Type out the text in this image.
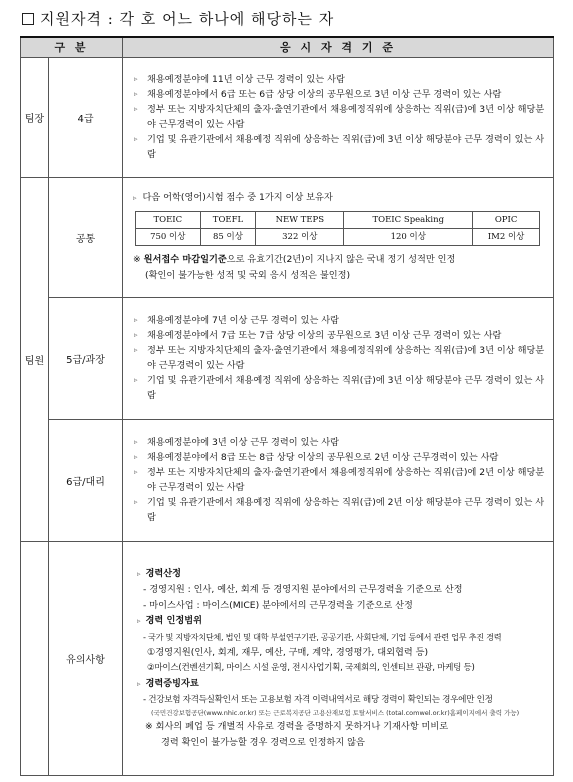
지원자격 : 각 호 어느 하나에 해당하는 자
구 분	응 시 자 격 기 준
팀장	4급	
▹ 채용예정분야에 11년 이상 근무 경력이 있는 사람
▹ 채용예정분야에서 6급 또는 6급 상당 이상의 공무원으로 3년 이상 근무 경력이 있는 사람
▹ 정부 또는 지방자치단체의 출자·출연기관에서 채용예정직위에 상응하는 직위(급)에 3년 이상 해당분야 근무경력이 있는 사람
▹ 기업 및 유관기관에서 채용예정 직위에 상응하는 직위(급)에 3년 이상 해당분야 근무 경력이 있는 사람

팀원	공통	
▹ 다음 어학(영어)시험 점수 중 1가지 이상 보유자
TOEIC	TOEFL	NEW TEPS	TOEIC Speaking	OPIC
750 이상	85 이상	322 이상	120 이상	IM2 이상
※ 원서접수 마감일기준으로 유효기간(2년)이 지나지 않은 국내 정기 성적만 인정
(확인이 불가능한 성적 및 국외 응시 성적은 불인정)

5급/과장	
▹ 채용예정분야에 7년 이상 근무 경력이 있는 사람
▹ 채용예정분야에서 7급 또는 7급 상당 이상의 공무원으로 3년 이상 근무 경력이 있는 사람
▹ 정부 또는 지방자치단체의 출자·출연기관에서 채용예정직위에 상응하는 직위(급)에 3년 이상 해당분야 근무경력이 있는 사람
▹ 기업 및 유관기관에서 채용예정 직위에 상응하는 직위(급)에 3년 이상 해당분야 근무 경력이 있는 사람

6급/대리	
▹ 채용예정분야에 3년 이상 근무 경력이 있는 사람
▹ 채용예정분야에서 8급 또는 8급 상당 이상의 공무원으로 2년 이상 근무경력이 있는 사람
▹ 정부 또는 지방자치단체의 출자·출연기관에서 채용예정직위에 상응하는 직위(급)에 2년 이상 해당분야 근무경력이 있는 사람
▹ 기업 및 유관기관에서 채용예정 직위에 상응하는 직위(급)에 2년 이상 해당분야 근무 경력이 있는 사람

	유의사항	
▹ 경력산정
- 경영지원 : 인사, 예산, 회계 등 경영지원 분야에서의 근무경력을 기준으로 산정
- 마이스사업 : 마이스(MICE) 분야에서의 근무경력을 기준으로 산정
▹ 경력 인정범위
- 국가 및 지방자치단체, 법인 및 대학 부설연구기관, 공공기관, 사회단체, 기업 등에서 관련 업무 추진 경력
①경영지원(인사, 회계, 재무, 예산, 구매, 계약, 경영평가, 대외협력 등)
②마이스(컨벤션기획, 마이스 시설 운영, 전시사업기획, 국제회의, 인센티브 관광, 마케팅 등)
▹ 경력증빙자료
- 건강보험 자격득실확인서 또는 고용보험 자격 이력내역서로 해당 경력이 확인되는 경우에만 인정
(국민건강보험공단(www.nhic.or.kr) 또는 근로복지공단 고용산재보험 토탈서비스 (total.comwel.or.kr)홈페이지에서 출력 가능)
※ 회사의 폐업 등 개별적 사유로 경력을 증명하지 못하거나 기재사항 미비로
경력 확인이 불가능할 경우 경력으로 인정하지 않음
